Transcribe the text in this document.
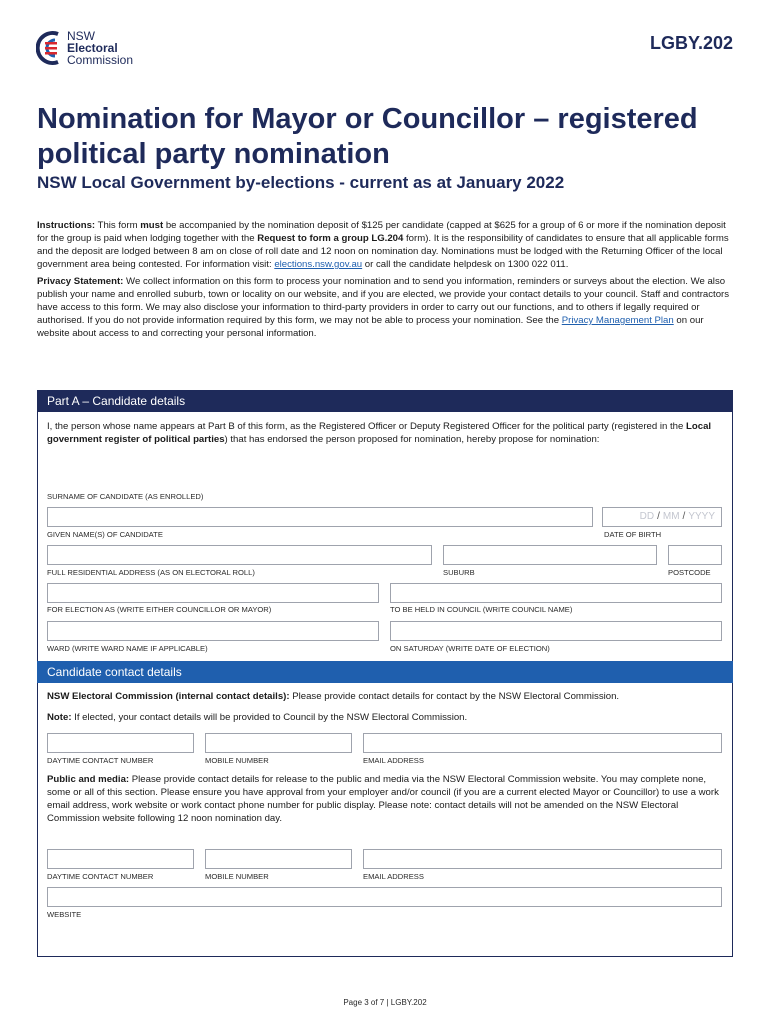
NSW
Electoral
Commission
LGBY.202
Nomination for Mayor or Councillor – registered political party nomination
NSW Local Government by-elections - current as at January 2022

Instructions: This form must be accompanied by the nomination deposit of $125 per candidate (capped at $625 for a group of 6 or more if the nomination deposit for the group is paid when lodging together with the Request to form a group LG.204 form). It is the responsibility of candidates to ensure that all applicable forms and the deposit are lodged between 8 am on close of roll date and 12 noon on nomination day. Nominations must be lodged with the Returning Officer of the local government area being contested. For information visit: elections.nsw.gov.au or call the candidate helpdesk on 1300 022 011.

Privacy Statement: We collect information on this form to process your nomination and to send you information, reminders or surveys about the election. We also publish your name and enrolled suburb, town or locality on our website, and if you are elected, we provide your contact details to your council. Staff and contractors have access to this form. We may also disclose your information to third-party providers in order to carry out our functions, and to others if legally required or authorised. If you do not provide information required by this form, we may not be able to process your nomination. See the Privacy Management Plan on our website about access to and correcting your personal information.

Part A – Candidate details
I, the person whose name appears at Part B of this form, as the Registered Officer or Deputy Registered Officer for the political party (registered in the Local government register of political parties) that has endorsed the person proposed for nomination, hereby propose for nomination:
SURNAME OF CANDIDATE (AS ENROLLED)
DD / MM / YYYY
GIVEN NAME(S) OF CANDIDATE	DATE OF BIRTH
FULL RESIDENTIAL ADDRESS (AS ON ELECTORAL ROLL)	SUBURB	POSTCODE
FOR ELECTION AS (WRITE EITHER COUNCILLOR OR MAYOR)	TO BE HELD IN COUNCIL (WRITE COUNCIL NAME)
WARD (WRITE WARD NAME IF APPLICABLE)	ON SATURDAY (WRITE DATE OF ELECTION)
Candidate contact details
NSW Electoral Commission (internal contact details): Please provide contact details for contact by the NSW Electoral Commission.
Note: If elected, your contact details will be provided to Council by the NSW Electoral Commission.
DAYTIME CONTACT NUMBER	MOBILE NUMBER	EMAIL ADDRESS
Public and media: Please provide contact details for release to the public and media via the NSW Electoral Commission website. You may complete none, some or all of this section. Please ensure you have approval from your employer and/or council (if you are a current elected Mayor or Councillor) to use a work email address, work website or work contact phone number for public display. Please note: contact details will not be amended on the NSW Electoral Commission website following 12 noon nomination day.
DAYTIME CONTACT NUMBER	MOBILE NUMBER	EMAIL ADDRESS
WEBSITE
Page 3 of 7 | LGBY.202
